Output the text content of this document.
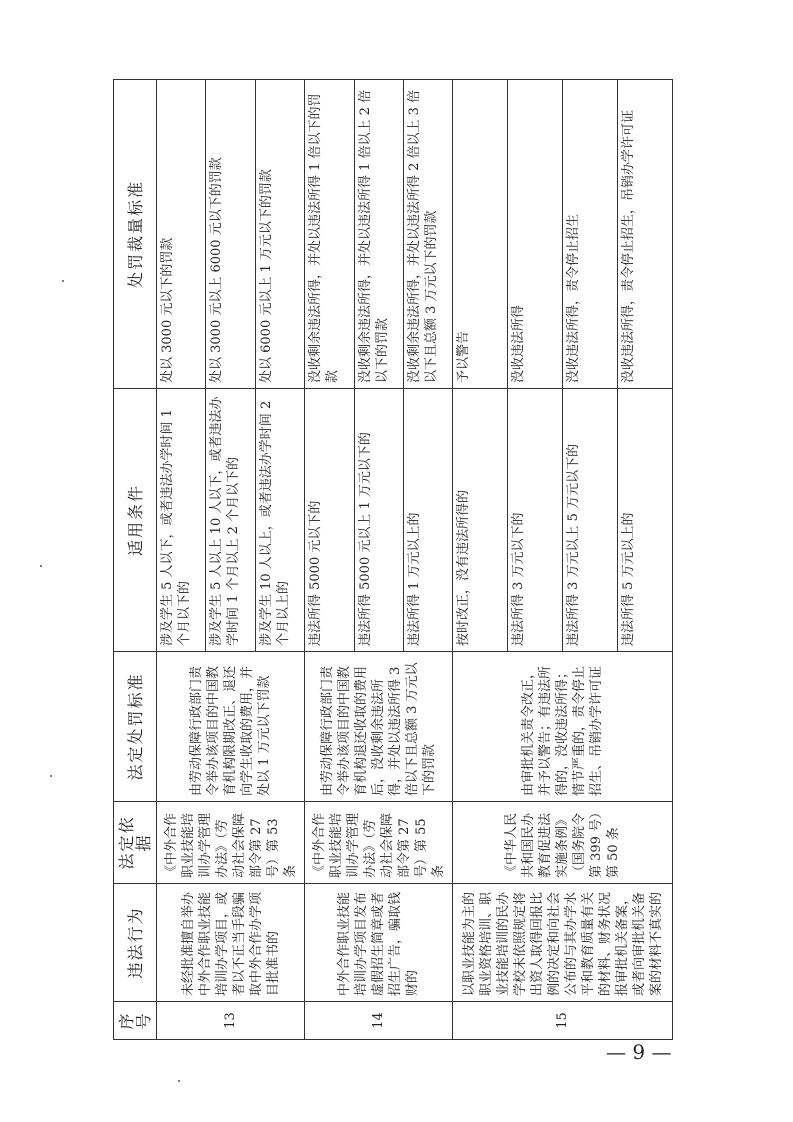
序号	违法行为	法定依据	法定处罚标准	适用条件	处罚裁量标准
13	未经批准擅自举办中外合作职业技能培训办学项目，或者以不正当手段骗取中外合作办学项目批准书的	《中外合作职业技能培训办学管理办法》（劳动社会保障部令第 27 号）第 53 条	由劳动保障行政部门责令举办该项目的中国教育机构限期改正、退还向学生收取的费用，并处以 1 万元以下罚款	涉及学生 5 人以下，或者违法办学时间 1 个月以下的	处以 3000 元以下的罚款
				涉及学生 5 人以上 10 人以下，或者违法办学时间 1 个月以上 2 个月以下的	处以 3000 元以上 6000 元以下的罚款
				涉及学生 10 人以上，或者违法办学时间 2 个月以上的	处以 6000 元以上 1 万元以下的罚款
14	中外合作职业技能培训办学项目发布虚假招生简章或者招生广告，骗取钱财的	《中外合作职业技能培训办学管理办法》（劳动社会保障部令第 27 号）第 55 条	由劳动保障行政部门责令举办该项目的中国教育机构退还收取的费用后，没收剩余违法所得，并处以违法所得 3 倍以下且总额 3 万元以下的罚款	违法所得 5000 元以下的	没收剩余违法所得，并处以违法所得 1 倍以下的罚款
				违法所得 5000 元以上 1 万元以下的	没收剩余违法所得，并处以违法所得 1 倍以上 2 倍以下的罚款
				违法所得 1 万元以上的	没收剩余违法所得，并处以违法所得 2 倍以上 3 倍以下且总额 3 万元以下的罚款
15	以职业技能为主的职业资格培训、职业技能培训的民办学校未依照规定将出资人取得回报比例的决定和向社会公布的与其办学水平和教育质量有关的材料、财务状况报审批机关备案，或者向审批机关备案的材料不真实的	《中华人民共和国民办教育促进法实施条例》（国务院令第 399 号）第 50 条	由审批机关责令改正，并予以警告；有违法所得的，没收违法所得；情节严重的，责令停止招生、吊销办学许可证	按时改正，没有违法所得的	予以警告
				违法所得 3 万元以下的	没收违法所得
				违法所得 3 万元以上 5 万元以下的	没收违法所得，责令停止招生
				违法所得 5 万元以上的	没收违法所得，责令停止招生，吊销办学许可证
— 9 —
